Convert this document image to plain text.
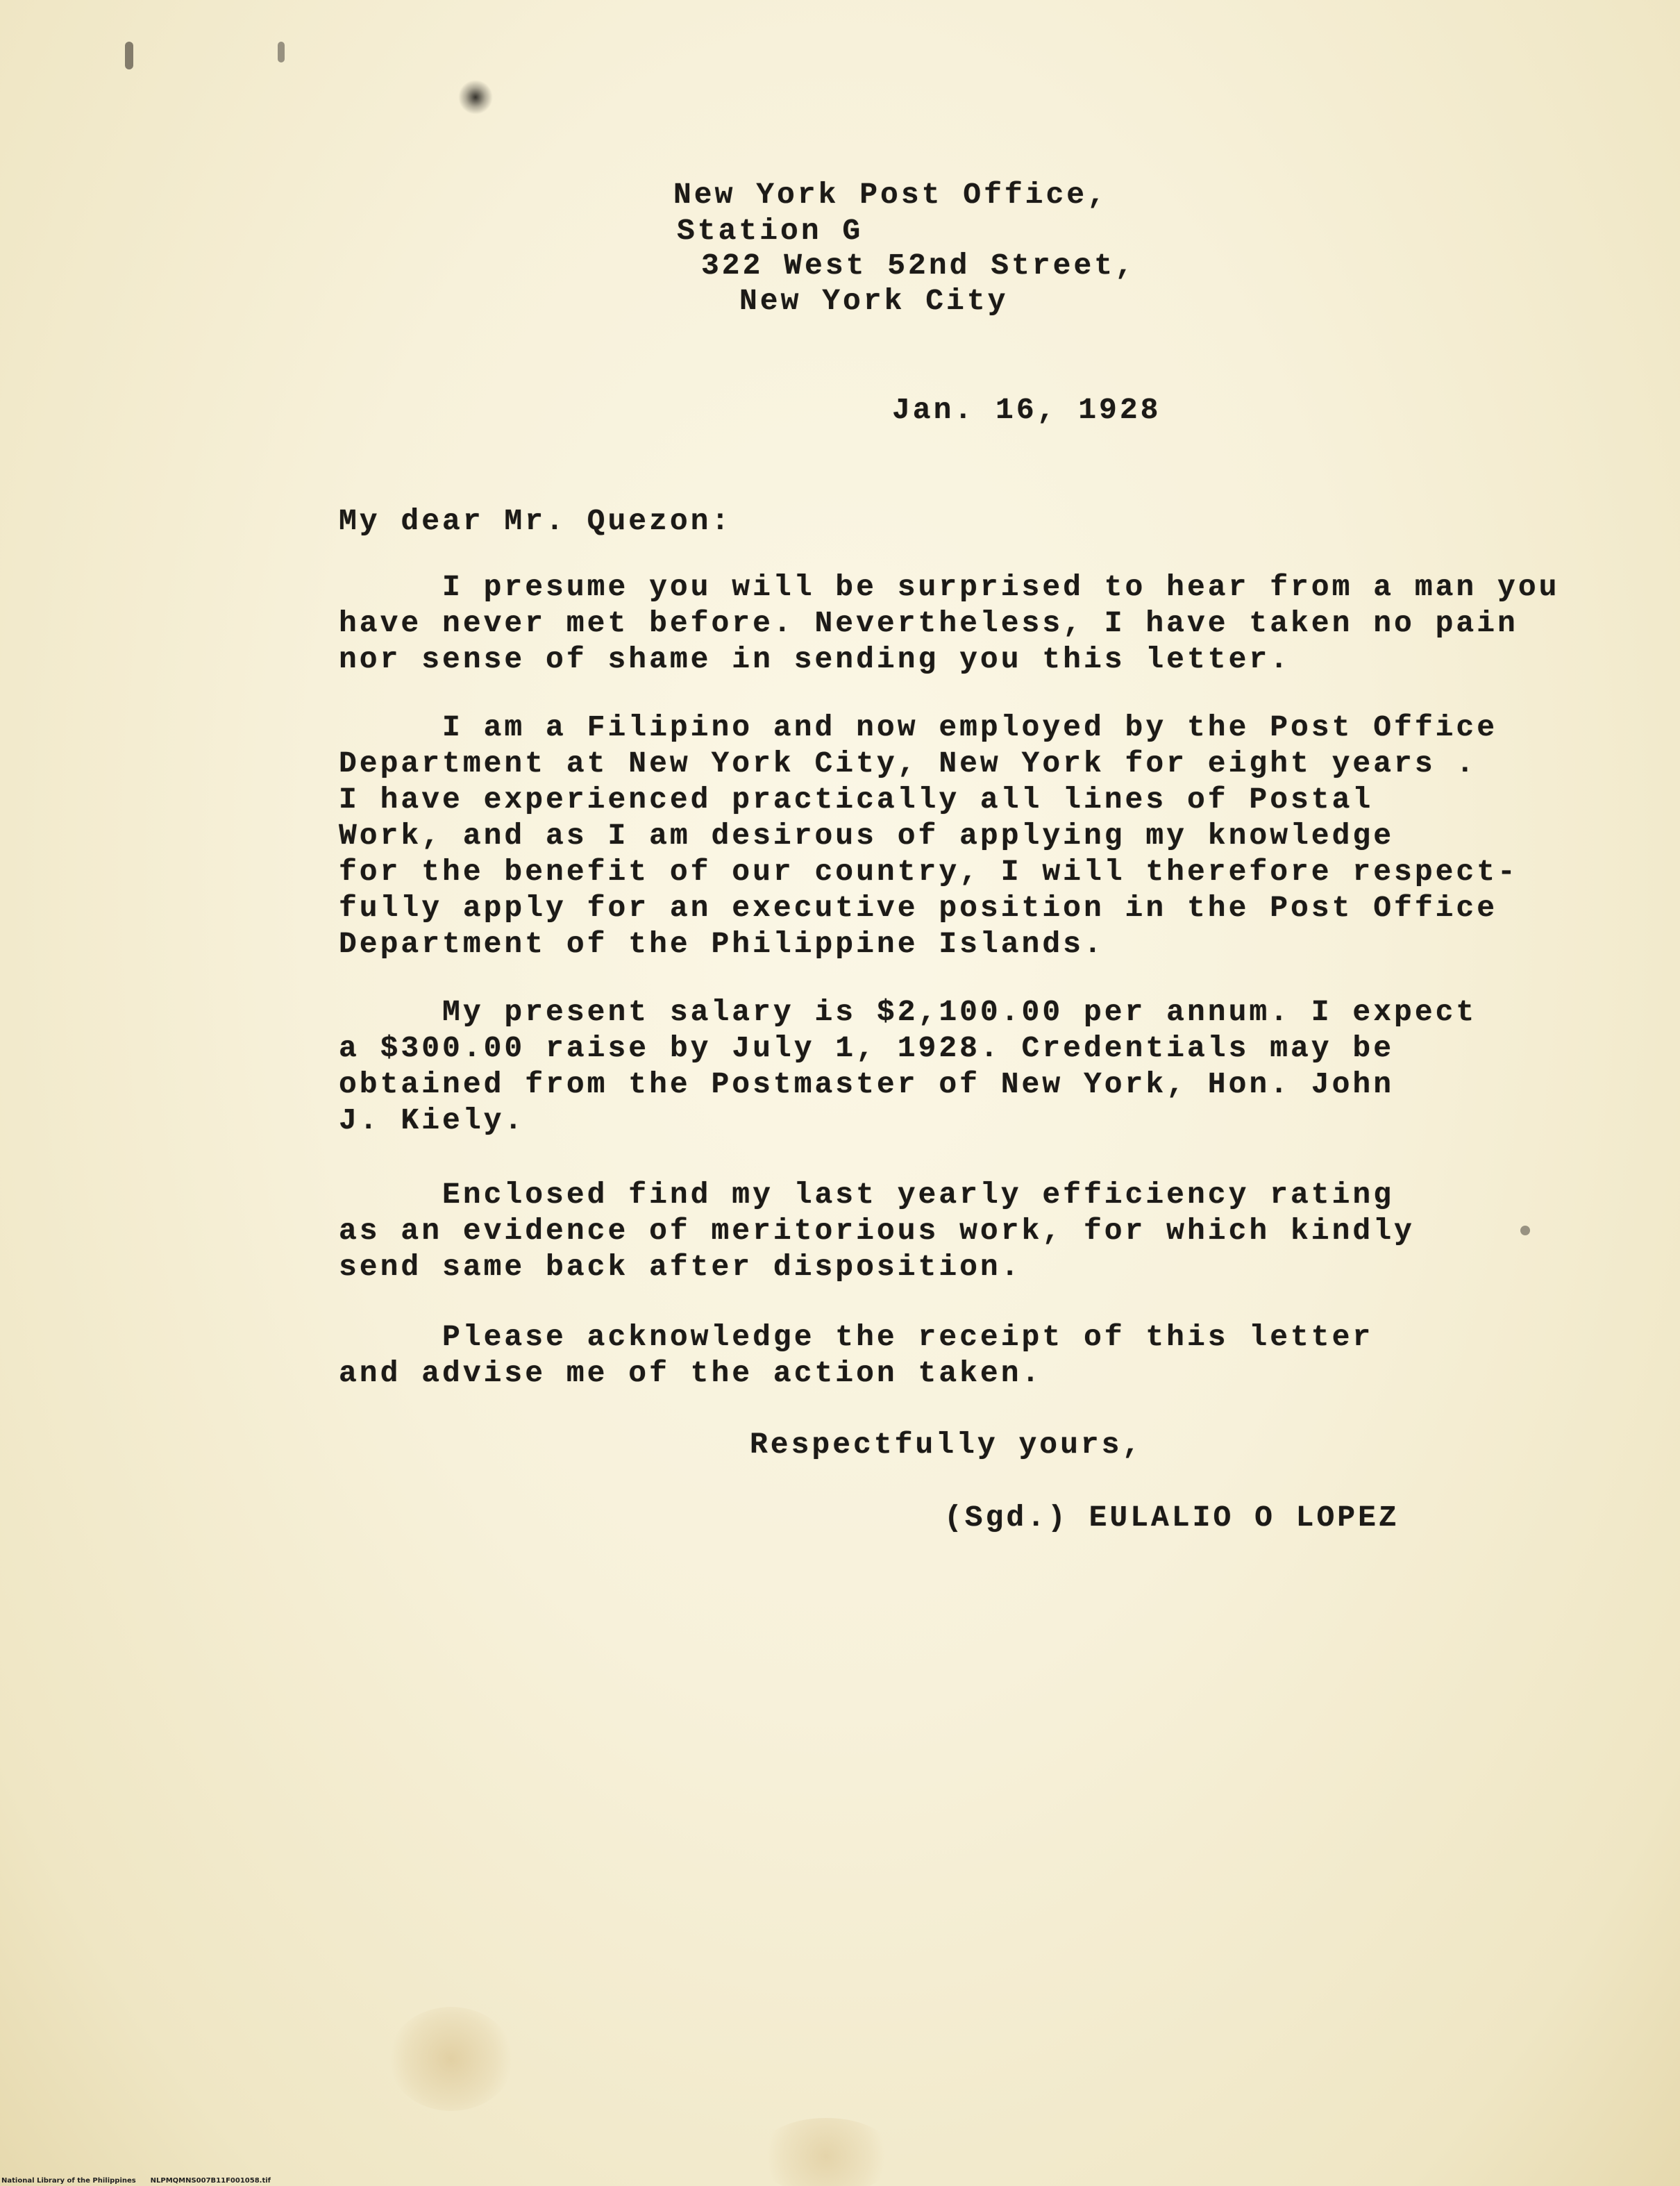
New York Post Office,
Station G
322 West 52nd Street,
New York City
Jan. 16, 1928
My dear Mr. Quezon:
I presume you will be surprised to hear from a man you
have never met before. Nevertheless, I have taken no pain
nor sense of shame in sending you this letter.
I am a Filipino and now employed by the Post Office
Department at New York City, New York for eight years .
I have experienced practically all lines of Postal
Work, and as I am desirous of applying my knowledge
for the benefit of our country, I will therefore respect-
fully apply for an executive position in the Post Office
Department of the Philippine Islands.
My present salary is $2,100.00 per annum. I expect
a $300.00 raise by July 1, 1928. Credentials may be
obtained from the Postmaster of New York, Hon. John
J. Kiely.
Enclosed find my last yearly efficiency rating
as an evidence of meritorious work, for which kindly
send same back after disposition.
Please acknowledge the receipt of this letter
and advise me of the action taken.
Respectfully yours,
(Sgd.) EULALIO O LOPEZ
National Library of the Philippines NLPMQMNS007B11F001058.tif
